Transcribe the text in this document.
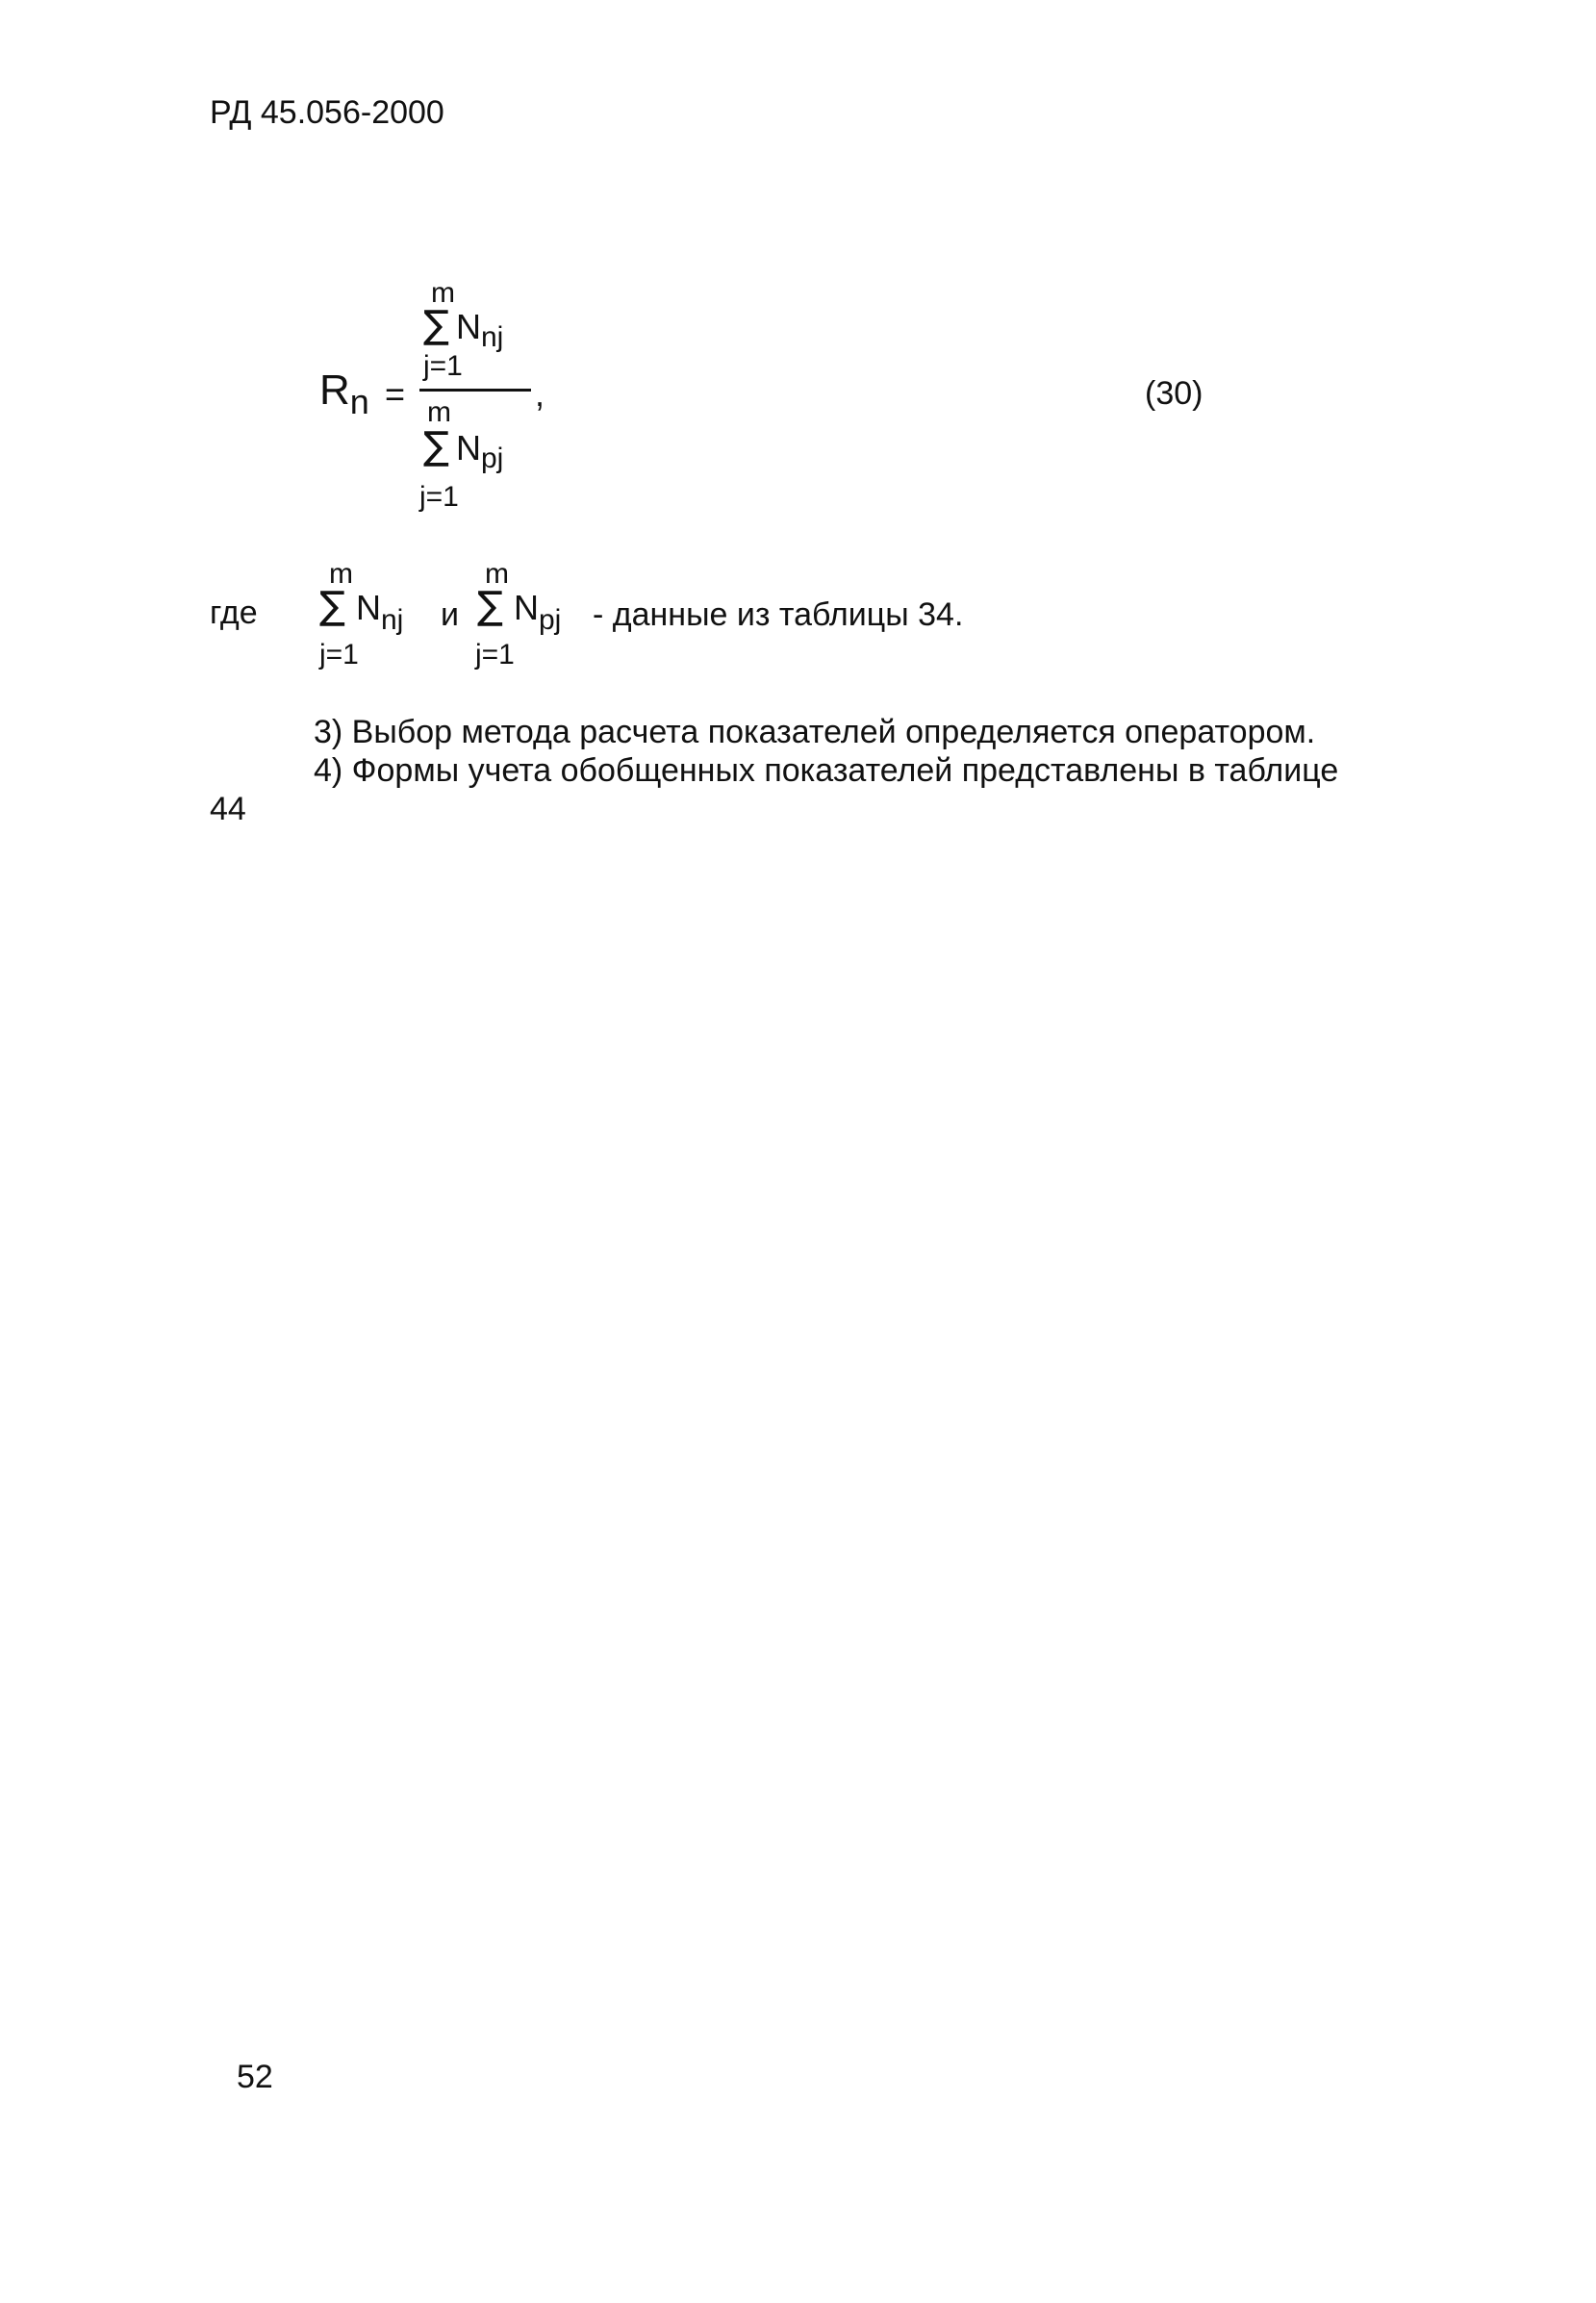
РД 45.056-2000
m
∑ $N_{nj}$
j=1
$R_n$ =	,
m
∑ $N_{pj}$
j=1
(30)
где
m
∑ $N_{nj}$
j=1
и
m
∑ $N_{pj}$
j=1
- данные из таблицы 34.
3) Выбор метода расчета показателей определяется оператором.
4) Формы учета обобщенных показателей представлены в таблице
44
52
